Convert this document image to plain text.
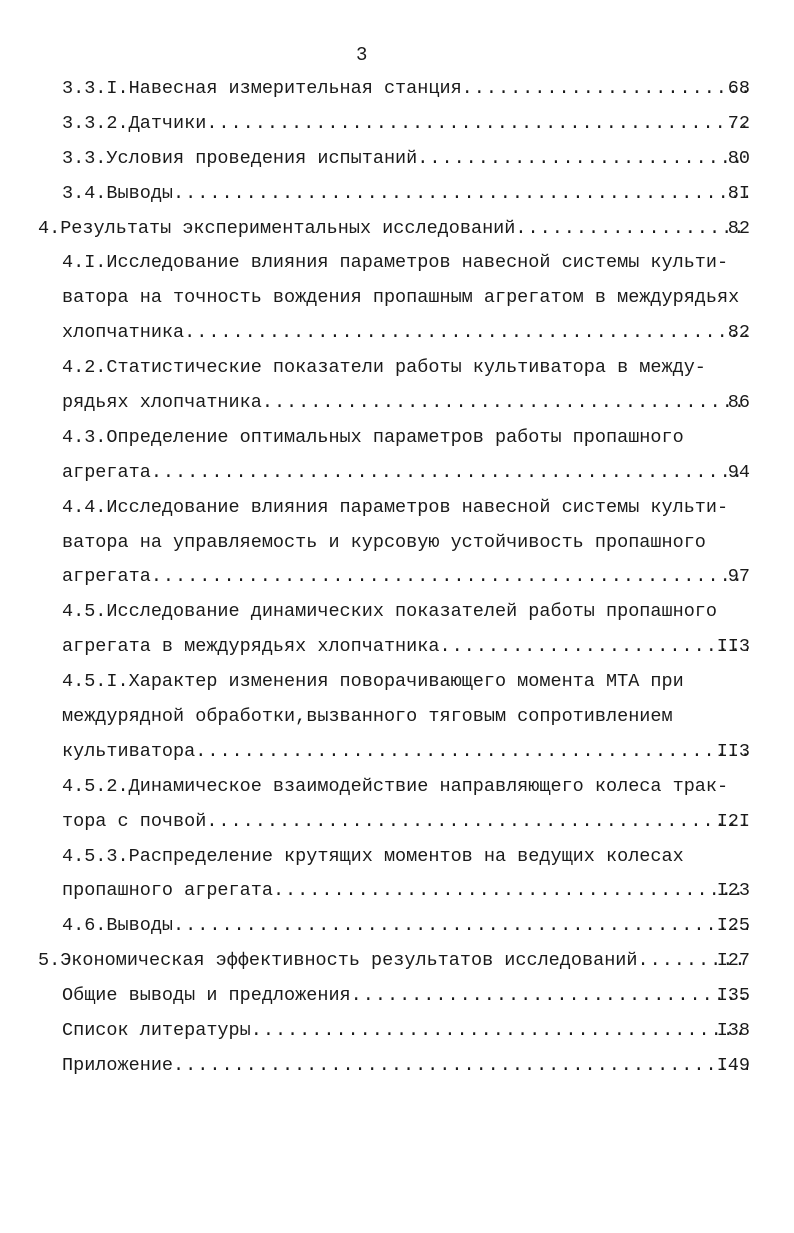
3
3.3.I.Навесная измерительная станция .....	68
3.3.2.Датчики .....	72
3.3.Условия проведения испытаний .....	80
3.4.Выводы .....	8I
4.Результаты экспериментальных исследований .....	82
4.I.Исследование влияния параметров навесной системы культи-
ватора на точность вождения пропашным агрегатом в междурядьях
хлопчатника .....	82
4.2.Статистические показатели работы культиватора в между-
рядьях хлопчатника .....	86
4.3.Определение оптимальных параметров работы пропашного
агрегата .....	94
4.4.Исследование влияния параметров навесной системы культи-
ватора на управляемость и курсовую устойчивость пропашного
агрегата .....	97
4.5.Исследование динамических показателей работы пропашного
агрегата в междурядьях хлопчатника .....	II3
4.5.I.Характер изменения поворачивающего момента МТА при
междурядной обработки,вызванного тяговым сопротивлением
культиватора .....	II3
4.5.2.Динамическое взаимодействие направляющего колеса трак-
тора с почвой .....	I2I
4.5.3.Распределение крутящих моментов на ведущих колесах
пропашного агрегата .....	I23
4.6.Выводы .....	I25
5.Экономическая эффективность результатов исследований .....	I27
Общие выводы и предложения .....	I35
Список литературы .....	I38
Приложение .....	I49
